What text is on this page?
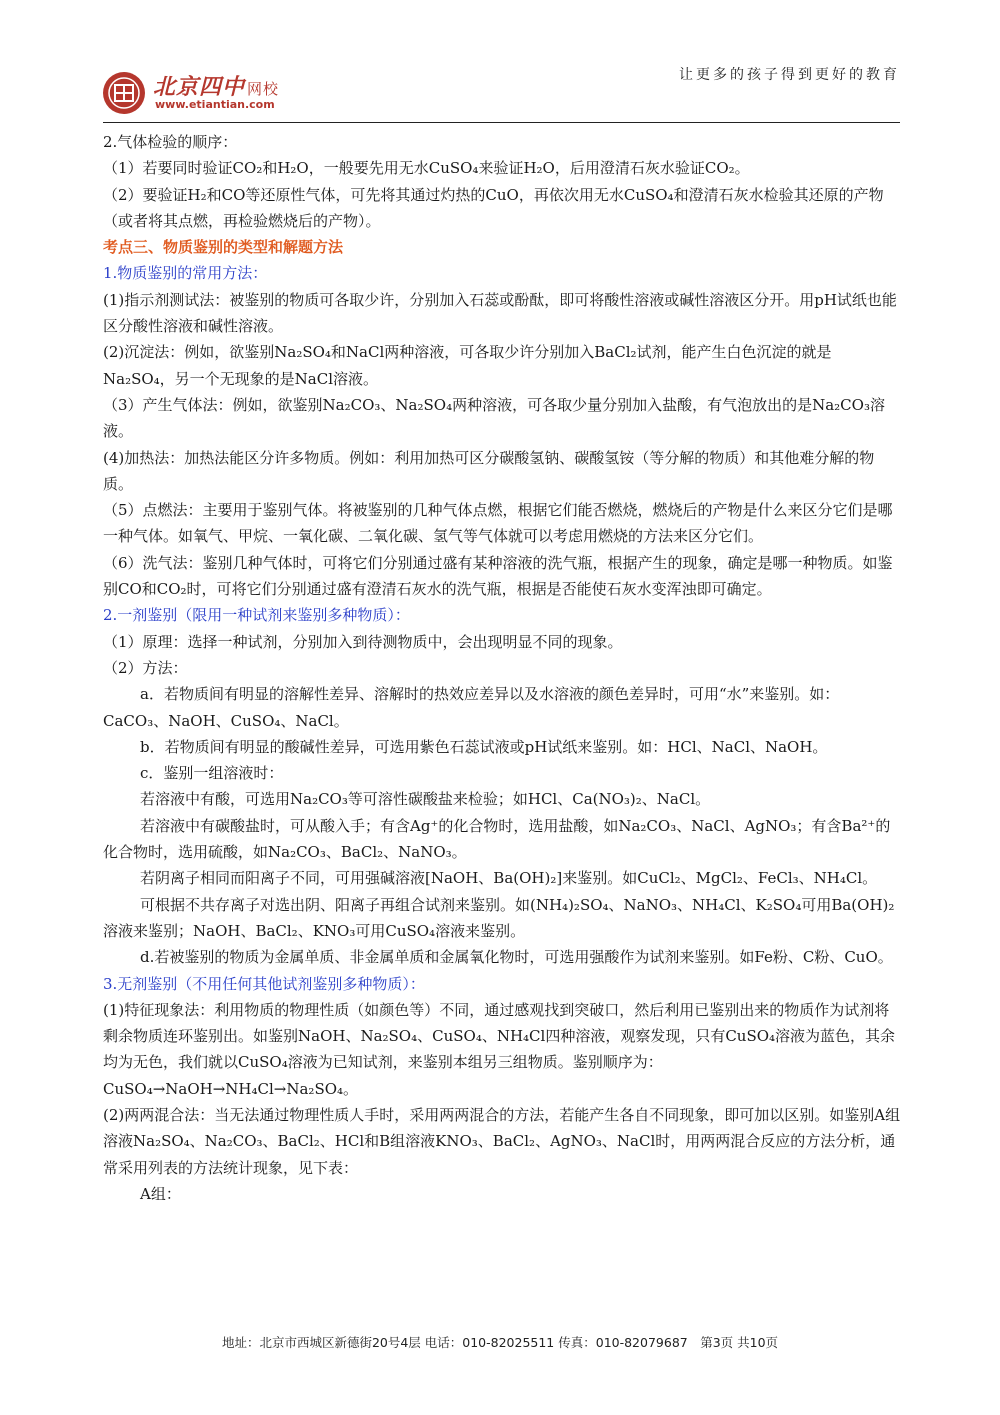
北京四中 网校
www.etiantian.com
让更多的孩子得到更好的教育

2.气体检验的顺序：

（1）若要同时验证CO₂和H₂O，一般要先用无水CuSO₄来验证H₂O，后用澄清石灰水验证CO₂。

（2）要验证H₂和CO等还原性气体，可先将其通过灼热的CuO，再依次用无水CuSO₄和澄清石灰水检验其还原的产物（或者将其点燃，再检验燃烧后的产物）。

考点三、物质鉴别的类型和解题方法

1.物质鉴别的常用方法：

(1)指示剂测试法：被鉴别的物质可各取少许，分别加入石蕊或酚酞，即可将酸性溶液或碱性溶液区分开。用pH试纸也能区分酸性溶液和碱性溶液。

(2)沉淀法：例如，欲鉴别Na₂SO₄和NaCl两种溶液，可各取少许分别加入BaCl₂试剂，能产生白色沉淀的就是Na₂SO₄，另一个无现象的是NaCl溶液。

（3）产生气体法：例如，欲鉴别Na₂CO₃、Na₂SO₄两种溶液，可各取少量分别加入盐酸，有气泡放出的是Na₂CO₃溶液。

(4)加热法：加热法能区分许多物质。例如：利用加热可区分碳酸氢钠、碳酸氢铵（等分解的物质）和其他难分解的物质。

（5）点燃法：主要用于鉴别气体。将被鉴别的几种气体点燃，根据它们能否燃烧，燃烧后的产物是什么来区分它们是哪一种气体。如氧气、甲烷、一氧化碳、二氧化碳、氢气等气体就可以考虑用燃烧的方法来区分它们。

（6）洗气法：鉴别几种气体时，可将它们分别通过盛有某种溶液的洗气瓶，根据产生的现象，确定是哪一种物质。如鉴别CO和CO₂时，可将它们分别通过盛有澄清石灰水的洗气瓶，根据是否能使石灰水变浑浊即可确定。

2.一剂鉴别（限用一种试剂来鉴别多种物质）：

（1）原理：选择一种试剂，分别加入到待测物质中，会出现明显不同的现象。

（2）方法：

a．若物质间有明显的溶解性差异、溶解时的热效应差异以及水溶液的颜色差异时，可用“水”来鉴别。如：CaCO₃、NaOH、CuSO₄、NaCl。

b．若物质间有明显的酸碱性差异，可选用紫色石蕊试液或pH试纸来鉴别。如：HCl、NaCl、NaOH。

c．鉴别一组溶液时：

若溶液中有酸，可选用Na₂CO₃等可溶性碳酸盐来检验；如HCl、Ca(NO₃)₂、NaCl。

若溶液中有碳酸盐时，可从酸入手；有含Ag⁺的化合物时，选用盐酸，如Na₂CO₃、NaCl、AgNO₃；有含Ba²⁺的化合物时，选用硫酸，如Na₂CO₃、BaCl₂、NaNO₃。

若阴离子相同而阳离子不同，可用强碱溶液[NaOH、Ba(OH)₂]来鉴别。如CuCl₂、MgCl₂、FeCl₃、NH₄Cl。

可根据不共存离子对选出阴、阳离子再组合试剂来鉴别。如(NH₄)₂SO₄、NaNO₃、NH₄Cl、K₂SO₄可用Ba(OH)₂溶液来鉴别；NaOH、BaCl₂、KNO₃可用CuSO₄溶液来鉴别。

d.若被鉴别的物质为金属单质、非金属单质和金属氧化物时，可选用强酸作为试剂来鉴别。如Fe粉、C粉、CuO。

3.无剂鉴别（不用任何其他试剂鉴别多种物质）：

(1)特征现象法：利用物质的物理性质（如颜色等）不同，通过感观找到突破口，然后利用已鉴别出来的物质作为试剂将剩余物质连环鉴别出。如鉴别NaOH、Na₂SO₄、CuSO₄、NH₄Cl四种溶液，观察发现，只有CuSO₄溶液为蓝色，其余均为无色，我们就以CuSO₄溶液为已知试剂，来鉴别本组另三组物质。鉴别顺序为：CuSO₄→NaOH→NH₄Cl→Na₂SO₄。

(2)两两混合法：当无法通过物理性质人手时，采用两两混合的方法，若能产生各自不同现象，即可加以区别。如鉴别A组溶液Na₂SO₄、Na₂CO₃、BaCl₂、HCl和B组溶液KNO₃、BaCl₂、AgNO₃、NaCl时，用两两混合反应的方法分析，通常采用列表的方法统计现象，见下表：

A组：

地址：北京市西城区新德街20号4层 电话：010-82025511 传真：010-82079687　第3页 共10页
